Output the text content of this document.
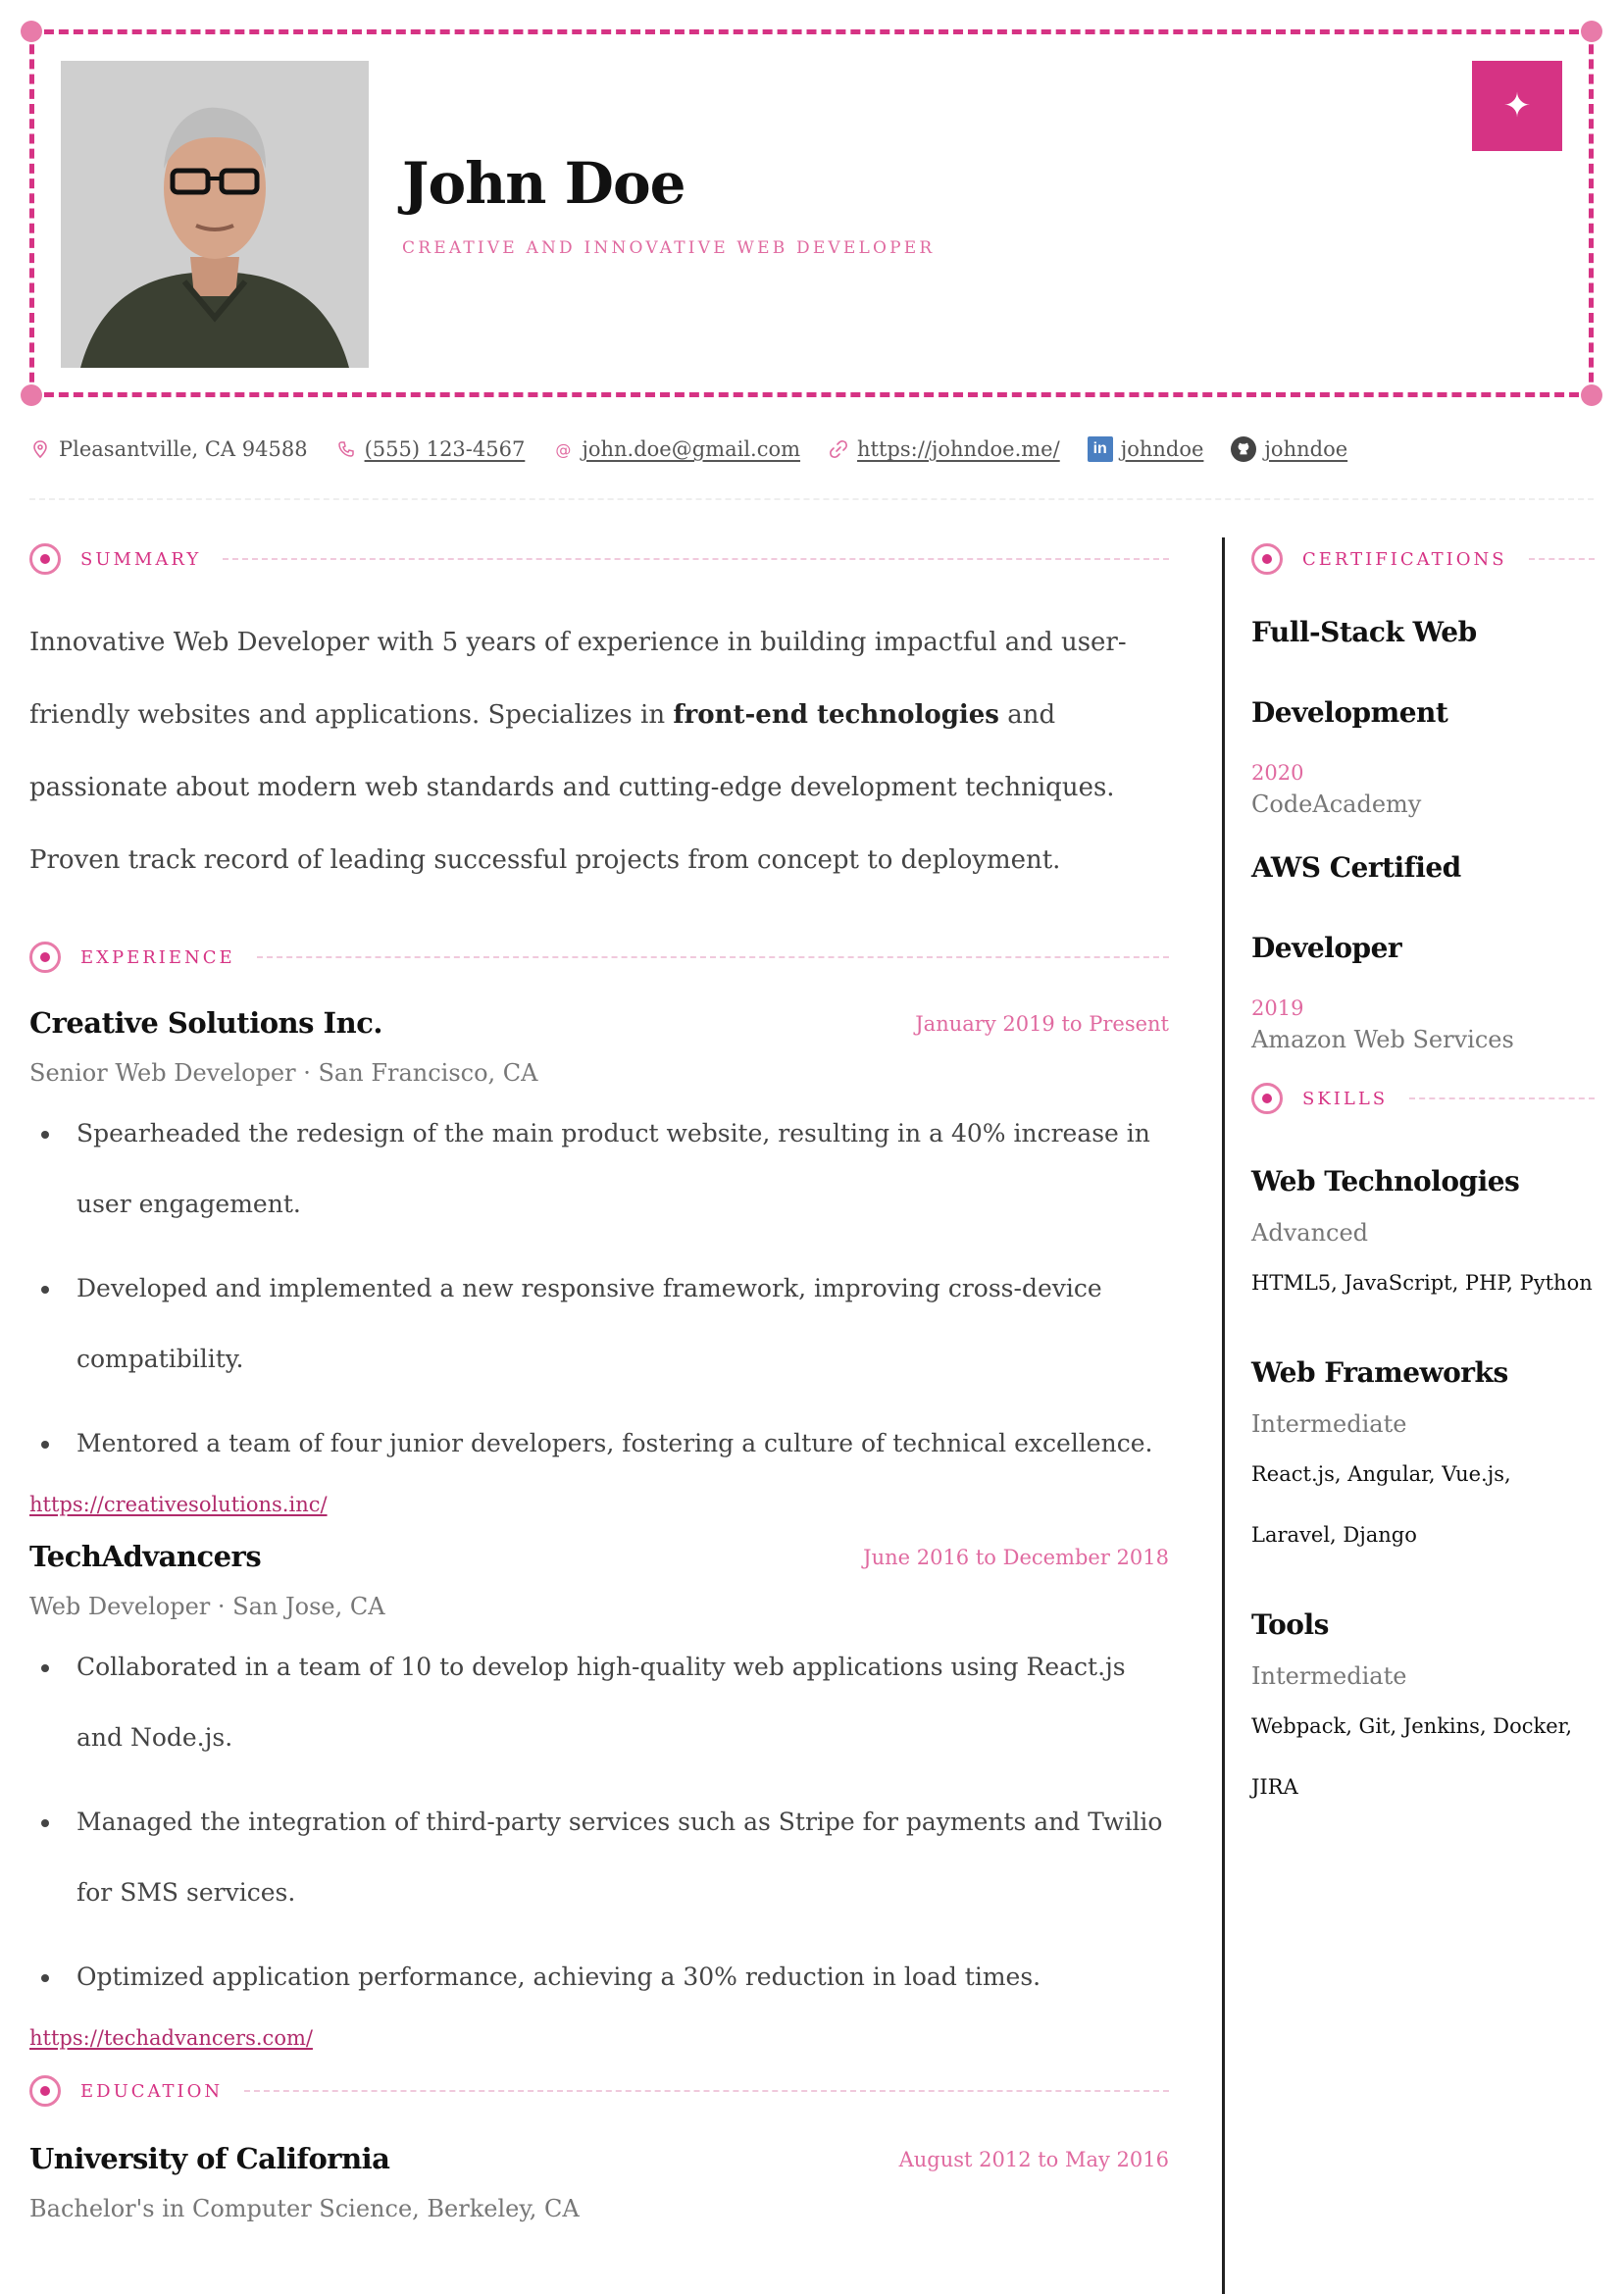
John Doe
CREATIVE AND INNOVATIVE WEB DEVELOPER
✦
Pleasantville, CA 94588	(555) 123-4567 @ john.doe@gmail.com	https://johndoe.me/	in johndoe	johndoe
SUMMARY

Innovative Web Developer with 5 years of experience in building impactful and user-friendly websites and applications. Specializes in front-end technologies and passionate about modern web standards and cutting-edge development techniques. Proven track record of leading successful projects from concept to deployment.

EXPERIENCE
Creative Solutions Inc.	January 2019 to Present
Senior Web Developer · San Francisco, CA
Spearheaded the redesign of the main product website, resulting in a 40% increase in user engagement.
Developed and implemented a new responsive framework, improving cross-device compatibility.
Mentored a team of four junior developers, fostering a culture of technical excellence.
https://creativesolutions.inc/
TechAdvancers	June 2016 to December 2018
Web Developer · San Jose, CA
Collaborated in a team of 10 to develop high-quality web applications using React.js and Node.js.
Managed the integration of third-party services such as Stripe for payments and Twilio for SMS services.
Optimized application performance, achieving a 30% reduction in load times.
https://techadvancers.com/
EDUCATION
University of California	August 2012 to May 2016
Bachelor's in Computer Science, Berkeley, CA
CERTIFICATIONS
Full-Stack Web Development
2020
CodeAcademy
AWS Certified Developer
2019
Amazon Web Services
SKILLS
Web Technologies
Advanced
HTML5, JavaScript, PHP, Python
Web Frameworks
Intermediate
React.js, Angular, Vue.js, Laravel, Django
Tools
Intermediate
Webpack, Git, Jenkins, Docker, JIRA
